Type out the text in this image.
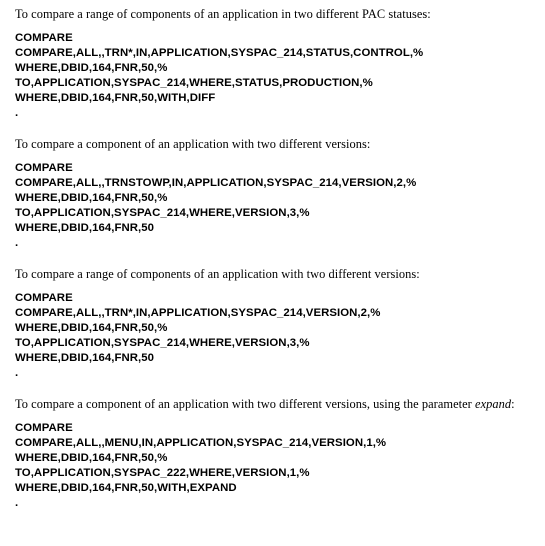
To compare a range of components of an application in two different PAC statuses:

COMPARE
COMPARE,ALL,,TRN*,IN,APPLICATION,SYSPAC_214,STATUS,CONTROL,%
WHERE,DBID,164,FNR,50,%
TO,APPLICATION,SYSPAC_214,WHERE,STATUS,PRODUCTION,%
WHERE,DBID,164,FNR,50,WITH,DIFF
.

To compare a component of an application with two different versions:

COMPARE
COMPARE,ALL,,TRNSTOWP,IN,APPLICATION,SYSPAC_214,VERSION,2,%
WHERE,DBID,164,FNR,50,%
TO,APPLICATION,SYSPAC_214,WHERE,VERSION,3,%
WHERE,DBID,164,FNR,50
.

To compare a range of components of an application with two different versions:

COMPARE
COMPARE,ALL,,TRN*,IN,APPLICATION,SYSPAC_214,VERSION,2,%
WHERE,DBID,164,FNR,50,%
TO,APPLICATION,SYSPAC_214,WHERE,VERSION,3,%
WHERE,DBID,164,FNR,50
.

To compare a component of an application with two different versions, using the parameter expand:

COMPARE
COMPARE,ALL,,MENU,IN,APPLICATION,SYSPAC_214,VERSION,1,%
WHERE,DBID,164,FNR,50,%
TO,APPLICATION,SYSPAC_222,WHERE,VERSION,1,%
WHERE,DBID,164,FNR,50,WITH,EXPAND
.
